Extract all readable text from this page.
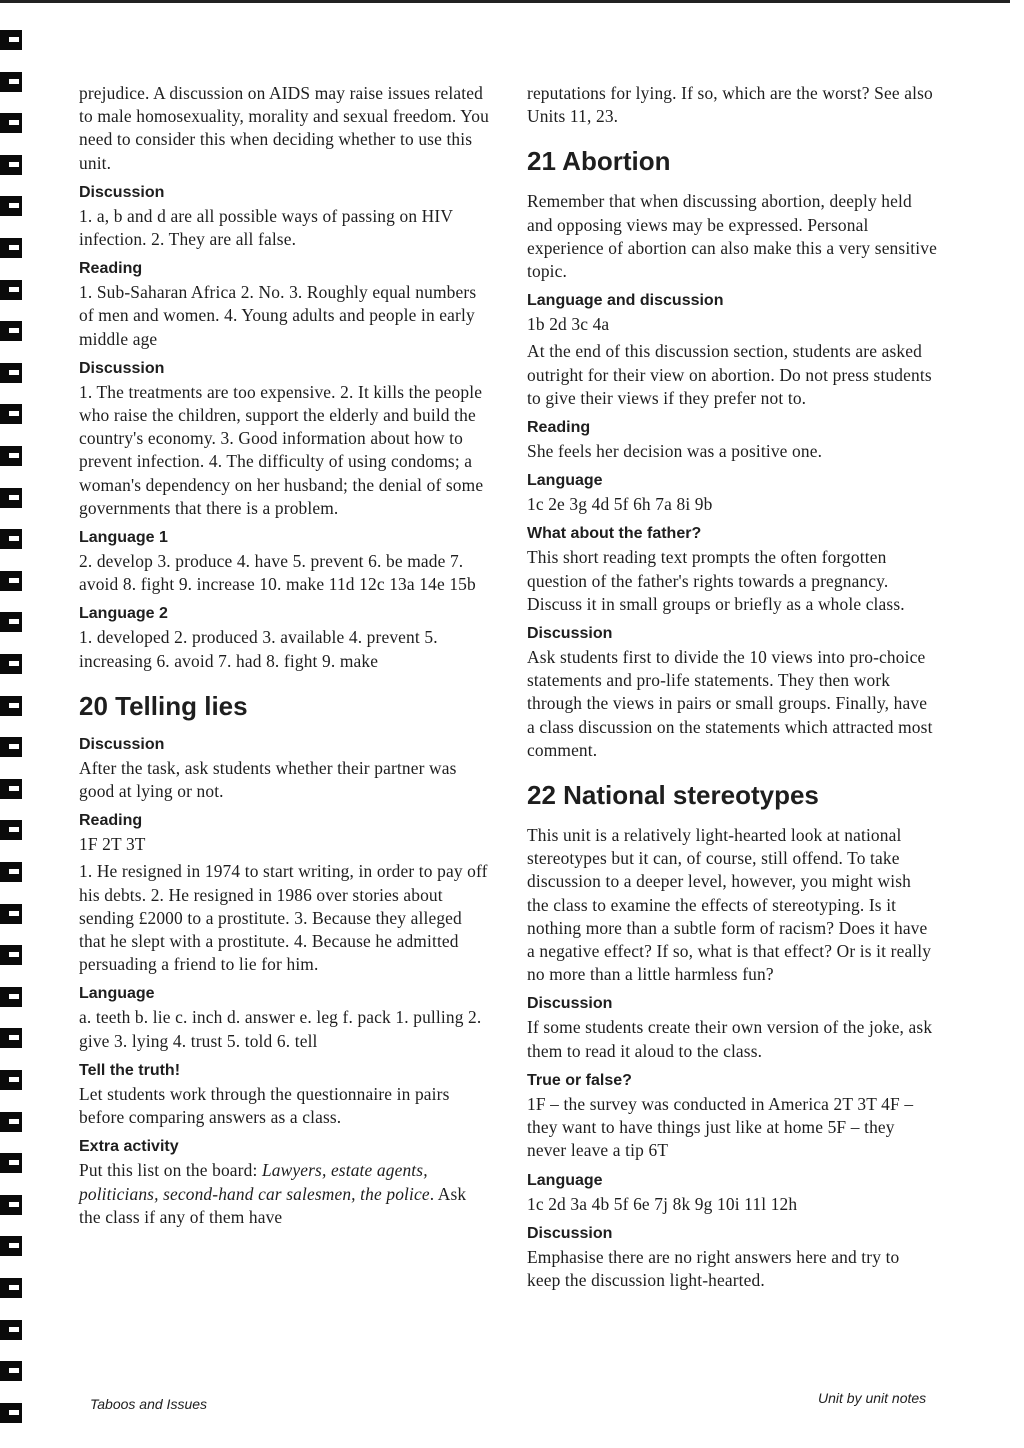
prejudice. A discussion on AIDS may raise issues related to male homosexuality, morality and sexual freedom. You need to consider this when deciding whether to use this unit.

Discussion

1. a, b and d are all possible ways of passing on HIV infection. 2. They are all false.

Reading

1. Sub-Saharan Africa 2. No. 3. Roughly equal numbers of men and women. 4. Young adults and people in early middle age

Discussion

1. The treatments are too expensive. 2. It kills the people who raise the children, support the elderly and build the country's economy. 3. Good information about how to prevent infection. 4. The difficulty of using condoms; a woman's dependency on her husband; the denial of some governments that there is a problem.

Language 1

2. develop 3. produce 4. have 5. prevent 6. be made 7. avoid 8. fight 9. increase 10. make 11d 12c 13a 14e 15b

Language 2

1. developed 2. produced 3. available 4. prevent 5. increasing 6. avoid 7. had 8. fight 9. make

20 Telling lies
Discussion

After the task, ask students whether their partner was good at lying or not.

Reading

1F 2T 3T

1. He resigned in 1974 to start writing, in order to pay off his debts. 2. He resigned in 1986 over stories about sending £2000 to a prostitute. 3. Because they alleged that he slept with a prostitute. 4. Because he admitted persuading a friend to lie for him.

Language

a. teeth b. lie c. inch d. answer e. leg f. pack 1. pulling 2. give 3. lying 4. trust 5. told 6. tell

Tell the truth!

Let students work through the questionnaire in pairs before comparing answers as a class.

Extra activity

Put this list on the board: Lawyers, estate agents, politicians, second-hand car salesmen, the police. Ask the class if any of them have

reputations for lying. If so, which are the worst? See also Units 11, 23.

21 Abortion

Remember that when discussing abortion, deeply held and opposing views may be expressed. Personal experience of abortion can also make this a very sensitive topic.

Language and discussion

1b 2d 3c 4a

At the end of this discussion section, students are asked outright for their view on abortion. Do not press students to give their views if they prefer not to.

Reading

She feels her decision was a positive one.

Language

1c 2e 3g 4d 5f 6h 7a 8i 9b

What about the father?

This short reading text prompts the often forgotten question of the father's rights towards a pregnancy. Discuss it in small groups or briefly as a whole class.

Discussion

Ask students first to divide the 10 views into pro-choice statements and pro-life statements. They then work through the views in pairs or small groups. Finally, have a class discussion on the statements which attracted most comment.

22 National stereotypes

This unit is a relatively light-hearted look at national stereotypes but it can, of course, still offend. To take discussion to a deeper level, however, you might wish the class to examine the effects of stereotyping. Is it nothing more than a subtle form of racism? Does it have a negative effect? If so, what is that effect? Or is it really no more than a little harmless fun?

Discussion

If some students create their own version of the joke, ask them to read it aloud to the class.

True or false?

1F – the survey was conducted in America 2T 3T 4F – they want to have things just like at home 5F – they never leave a tip 6T

Language

1c 2d 3a 4b 5f 6e 7j 8k 9g 10i 11l 12h

Discussion

Emphasise there are no right answers here and try to keep the discussion light-hearted.

Taboos and Issues	Unit by unit notes
